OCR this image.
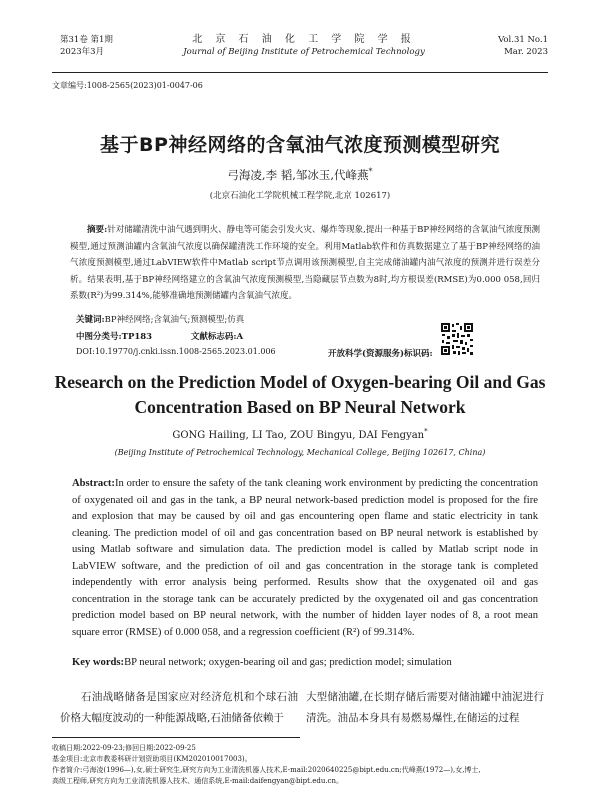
第31卷 第1期
2023年3月
北 京 石 油 化 工 学 院 学 报
Journal of Beijing Institute of Petrochemical Technology
Vol.31 No.1
Mar. 2023
文章编号:1008-2565(2023)01-0047-06
基于BP神经网络的含氧油气浓度预测模型研究
弓海凌,李 韬,邹冰玉,代峰燕*
(北京石油化工学院机械工程学院,北京 102617)
摘要:针对储罐清洗中油气遇到明火、静电等可能会引发火灾、爆炸等现象,提出一种基于BP神经网络的含氧油气浓度预测模型,通过预测油罐内含氧油气浓度以确保罐清洗工作环境的安全。利用Matlab软件和仿真数据建立了基于BP神经网络的油气浓度预测模型,通过LabVIEW软件中Matlab script节点调用该预测模型,自主完成储油罐内油气浓度的预测并进行误差分析。结果表明,基于BP神经网络建立的含氧油气浓度预测模型,当隐藏层节点数为8时,均方根误差(RMSE)为0.000 058,回归系数(R²)为99.314%,能够准确地预测储罐内含氧油气浓度。
关键词:BP神经网络;含氧油气;预测模型;仿真
中图分类号:TP183	文献标志码:A
DOI:10.19770/j.cnki.issn.1008-2565.2023.01.006	开放科学(资源服务)标识码:
Research on the Prediction Model of Oxygen-bearing Oil and Gas Concentration Based on BP Neural Network
GONG Hailing, LI Tao, ZOU Bingyu, DAI Fengyan*
(Beijing Institute of Petrochemical Technology, Mechanical College, Beijing 102617, China)
Abstract:In order to ensure the safety of the tank cleaning work environment by predicting the concentration of oxygenated oil and gas in the tank, a BP neural network-based prediction model is proposed for the fire and explosion that may be caused by oil and gas encountering open flame and static electricity in tank cleaning. The prediction model of oil and gas concentration based on BP neural network is established by using Matlab software and simulation data. The prediction model is called by Matlab script node in LabVIEW software, and the prediction of oil and gas concentration in the storage tank is completed independently with error analysis being performed. Results show that the oxygenated oil and gas concentration in the storage tank can be accurately predicted by the oxygenated oil and gas concentration prediction model based on BP neural network, with the number of hidden layer nodes of 8, a root mean square error (RMSE) of 0.000 058, and a regression coefficient (R²) of 99.314%.
Key words:BP neural network; oxygen-bearing oil and gas; prediction model; simulation
石油战略储备是国家应对经济危机和个球石油价格大幅度波动的一种能源战略,石油储备依赖于
大型储油罐,在长期存储后需要对储油罐中油泥进行清洗。油品本身具有易燃易爆性,在储运的过程
收稿日期:2022-09-23;修回日期:2022-09-25
基金项目:北京市教委科研计划资助项目(KM202010017003)。
作者简介:弓海凌(1996—),女,硕士研究生,研究方向为工业清洗机器人技术,E-mail:2020640225@bipt.edu.cn;代峰燕(1972—),女,博士,
高级工程师,研究方向为工业清洗机器人技术、通信系统,E-mail:daifengyan@bipt.edu.cn。
